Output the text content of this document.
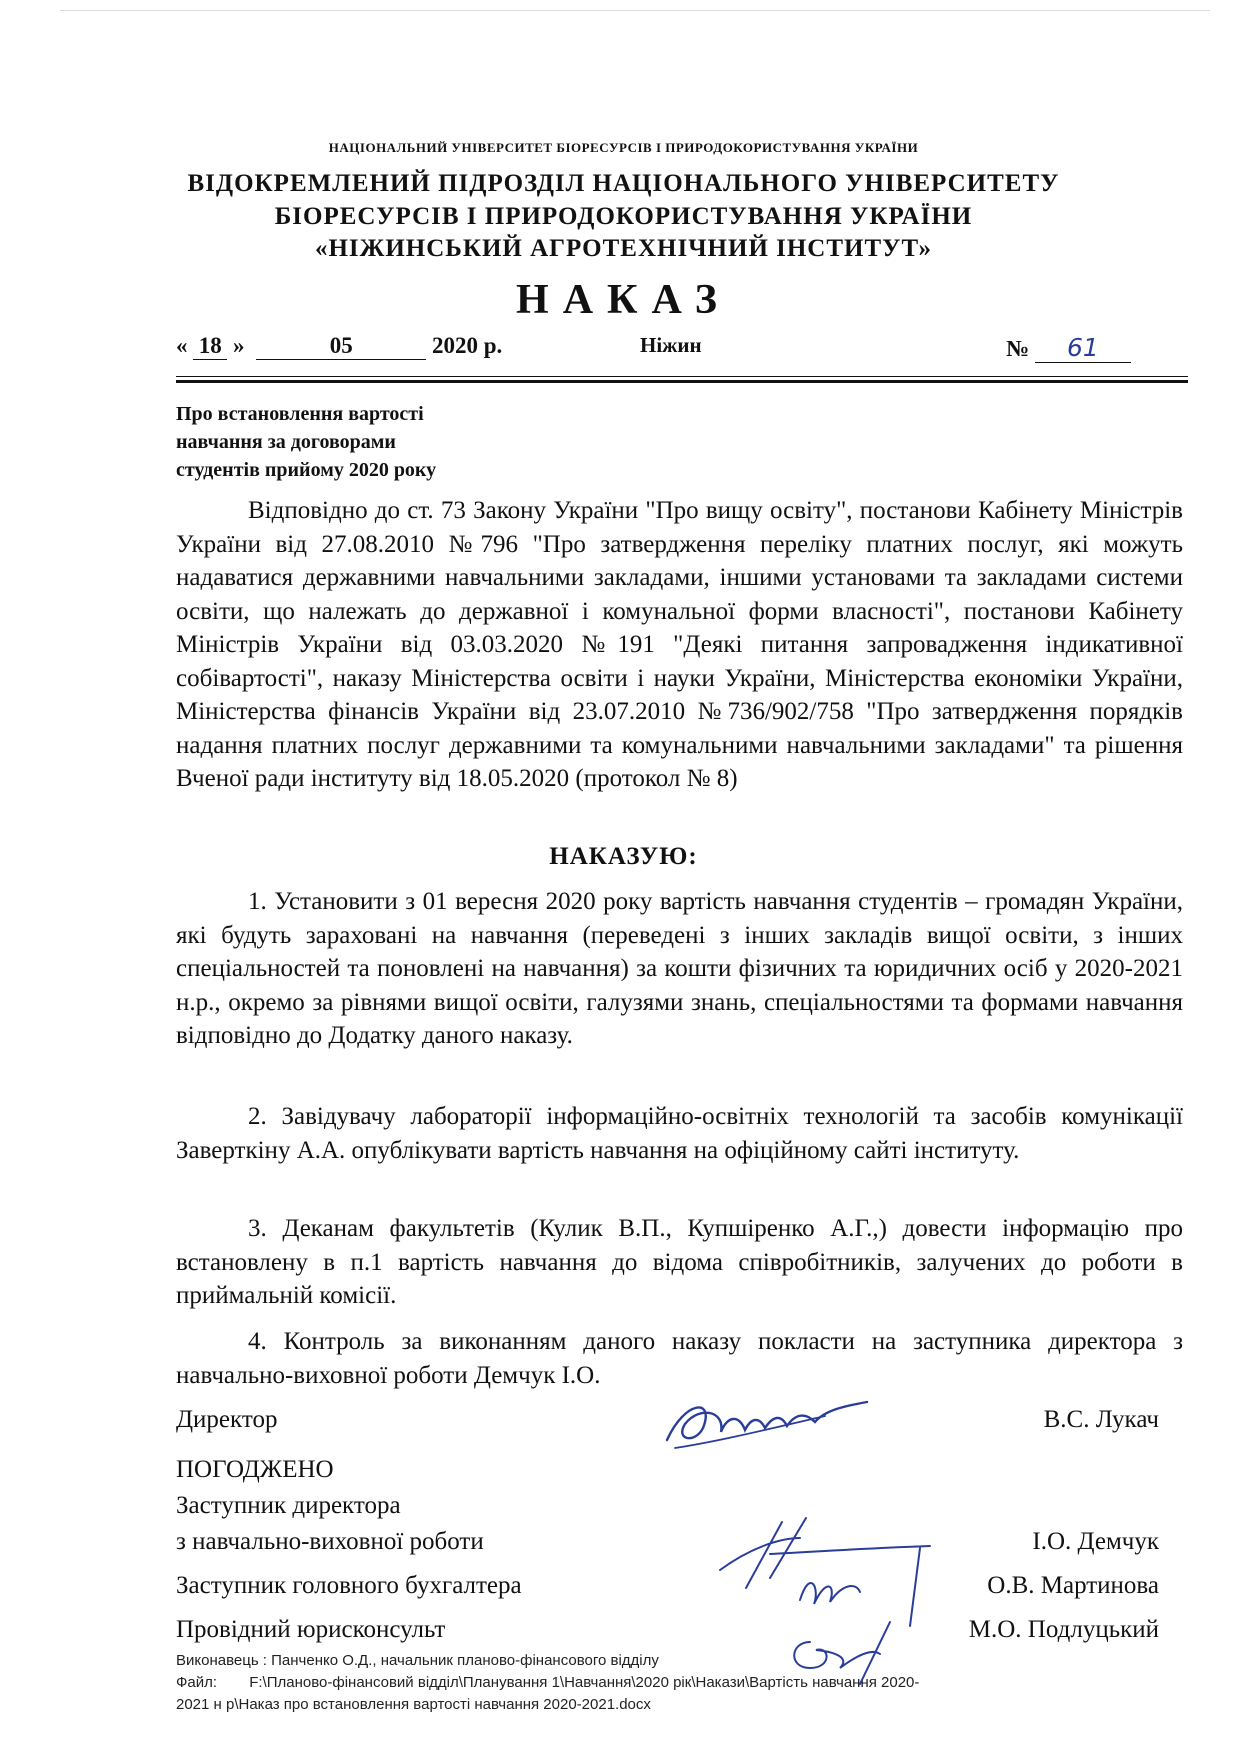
НАЦІОНАЛЬНИЙ УНІВЕРСИТЕТ БІОРЕСУРСІВ І ПРИРОДОКОРИСТУВАННЯ УКРАЇНИ
ВІДОКРЕМЛЕНИЙ ПІДРОЗДІЛ НАЦІОНАЛЬНОГО УНІВЕРСИТЕТУ
БІОРЕСУРСІВ І ПРИРОДОКОРИСТУВАННЯ УКРАЇНИ
«НІЖИНСЬКИЙ АГРОТЕХНІЧНИЙ ІНСТИТУТ»
НАКАЗ
« 18 »	05	2020 р.	Ніжин	№ 61
Про встановлення вартості
навчання за договорами
студентів прийому 2020 року
Відповідно до ст. 73 Закону України "Про вищу освіту", постанови Кабінету Міністрів України від 27.08.2010 №796 "Про затвердження переліку платних послуг, які можуть надаватися державними навчальними закладами, іншими установами та закладами системи освіти, що належать до державної і комунальної форми власності", постанови Кабінету Міністрів України від 03.03.2020 №191 "Деякі питання запровадження індикативної собівартості", наказу Міністерства освіти і науки України, Міністерства економіки України, Міністерства фінансів України від 23.07.2010 №736/902/758 "Про затвердження порядків надання платних послуг державними та комунальними навчальними закладами" та рішення Вченої ради інституту від 18.05.2020 (протокол № 8)
НАКАЗУЮ:
1. Установити з 01 вересня 2020 року вартість навчання студентів – громадян України, які будуть зараховані на навчання (переведені з інших закладів вищої освіти, з інших спеціальностей та поновлені на навчання) за кошти фізичних та юридичних осіб у 2020-2021 н.р., окремо за рівнями вищої освіти, галузями знань, спеціальностями та формами навчання відповідно до Додатку даного наказу.
2. Завідувачу лабораторії інформаційно-освітніх технологій та засобів комунікації Заверткіну А.А. опублікувати вартість навчання на офіційному сайті інституту.
3. Деканам факультетів (Кулик В.П., Купшіренко А.Г.,) довести інформацію про встановлену в п.1 вартість навчання до відома співробітників, залучених до роботи в приймальній комісії.
4. Контроль за виконанням даного наказу покласти на заступника директора з навчально-виховної роботи Демчук І.О.
Директор	В.С. Лукач
ПОГОДЖЕНО
Заступник директора
з навчально-виховної роботи	І.О. Демчук
Заступник головного бухгалтера	О.В. Мартинова
Провідний юрисконсульт	М.О. Подлуцький
Виконавець : Панченко О.Д., начальник планово-фінансового відділу
Файл: F:\Планово-фінансовий відділ\Планування 1\Навчання\2020 рік\Накази\Вартість навчання 2020-
2021 н р\Наказ про встановлення вартості навчання 2020-2021.docx
